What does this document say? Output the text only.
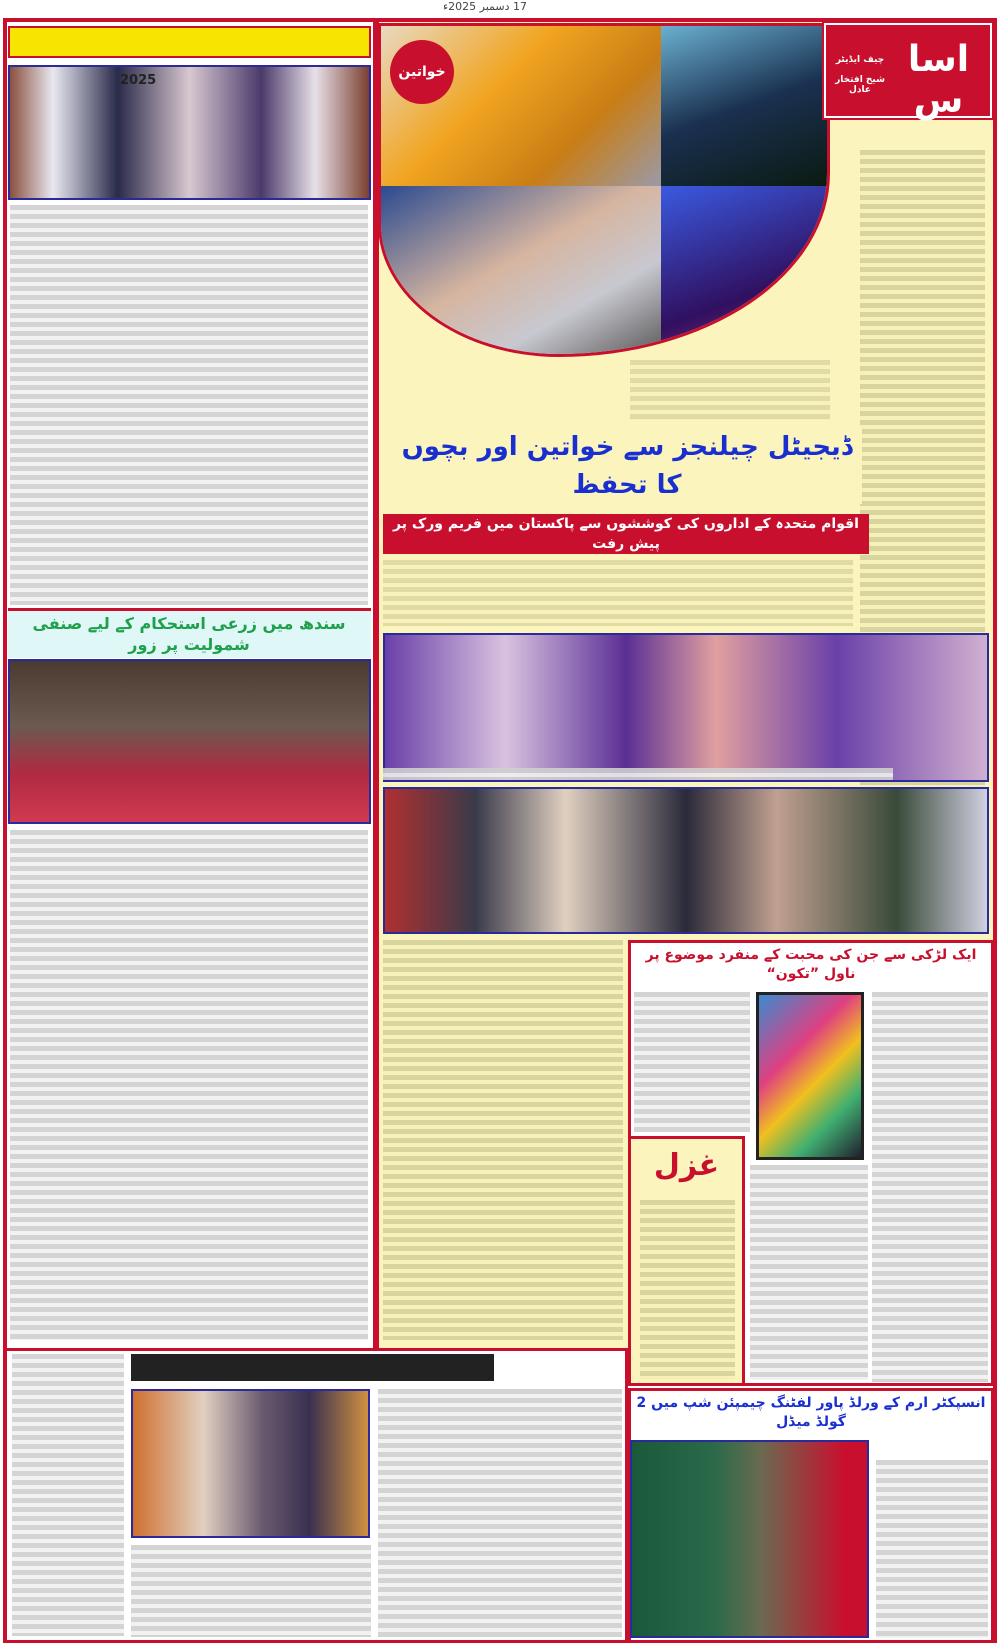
17 دسمبر 2025ء
خواتین	اساس
چیف ایڈیٹر
شیخ افتخار عادل
ڈیجیٹل چیلنجز سے خواتین اور بچوں کا تحفظ
اقوام متحدہ کے اداروں کی کوششوں سے پاکستان میں فریم ورک پر پیش رفت
2025
سندھ میں زرعی استحکام کے لیے صنفی شمولیت پر زور
ایک لڑکی سے جن کی محبت کے منفرد موضوع پر ناول ”تکون“
غزل
انسپکٹر ارم کے ورلڈ پاور لفٹنگ چیمپئن شپ میں 2 گولڈ میڈل
